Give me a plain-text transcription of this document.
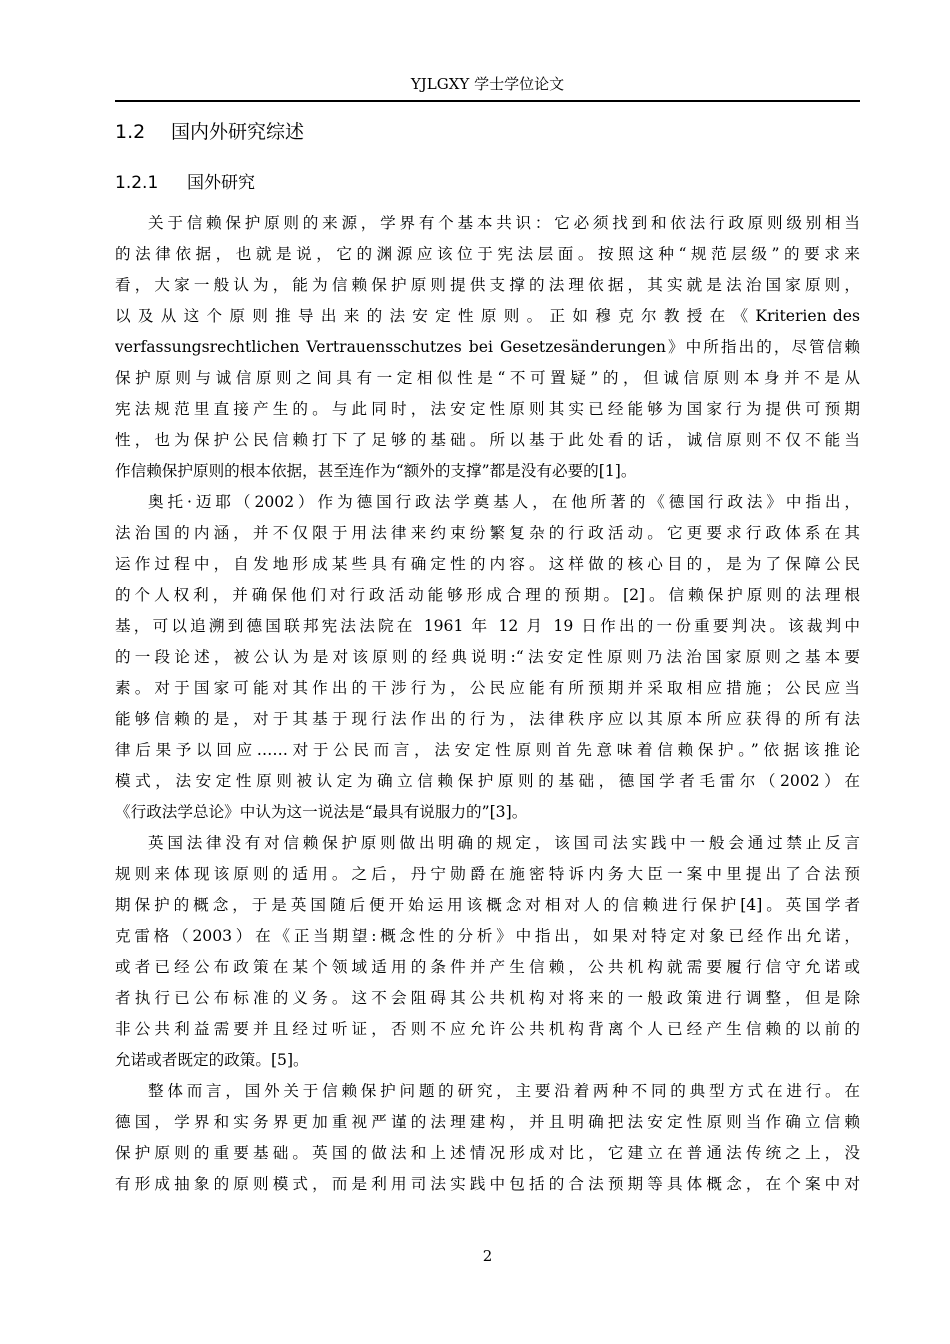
YJLGXY 学士学位论文
1.2 国内外研究综述
1.2.1 国外研究
关于信赖保护原则的来源，学界有个基本共识：它必须找到和依法行政原则级别相当
的法律依据，也就是说，它的渊源应该位于宪法层面。按照这种“规范层级”的要求来
看，大家一般认为，能为信赖保护原则提供支撑的法理依据，其实就是法治国家原则，
以 及 从 这 个 原 则 推 导 出 来 的 法 安 定 性 原 则 。 正 如 穆 克 尔 教 授 在 《 Kriterien des
verfassungsrechtlichen Vertrauensschutzes bei Gesetzesänderungen》中所指出的，尽管信赖
保护原则与诚信原则之间具有一定相似性是“不可置疑”的，但诚信原则本身并不是从
宪法规范里直接产生的。与此同时，法安定性原则其实已经能够为国家行为提供可预期
性，也为保护公民信赖打下了足够的基础。所以基于此处看的话，诚信原则不仅不能当
作信赖保护原则的根本依据，甚至连作为“额外的支撑”都是没有必要的[1]。
奥托·迈耶（2002）作为德国行政法学奠基人，在他所著的《德国行政法》中指出，
法治国的内涵，并不仅限于用法律来约束纷繁复杂的行政活动。它更要求行政体系在其
运作过程中，自发地形成某些具有确定性的内容。这样做的核心目的，是为了保障公民
的个人权利，并确保他们对行政活动能够形成合理的预期。[2]。信赖保护原则的法理根
基，可以追溯到德国联邦宪法法院在 1961 年 12 月 19 日作出的一份重要判决。该裁判中
的一段论述，被公认为是对该原则的经典说明:“法安定性原则乃法治国家原则之基本要
素。对于国家可能对其作出的干涉行为，公民应能有所预期并采取相应措施；公民应当
能够信赖的是，对于其基于现行法作出的行为，法律秩序应以其原本所应获得的所有法
律后果予以回应……对于公民而言，法安定性原则首先意味着信赖保护。”依据该推论
模式，法安定性原则被认定为确立信赖保护原则的基础，德国学者毛雷尔（2002）在
《行政法学总论》中认为这一说法是“最具有说服力的”[3]。
英国法律没有对信赖保护原则做出明确的规定，该国司法实践中一般会通过禁止反言
规则来体现该原则的适用。之后，丹宁勋爵在施密特诉内务大臣一案中里提出了合法预
期保护的概念，于是英国随后便开始运用该概念对相对人的信赖进行保护[4]。英国学者
克雷格（2003）在《正当期望:概念性的分析》中指出，如果对特定对象已经作出允诺，
或者已经公布政策在某个领域适用的条件并产生信赖，公共机构就需要履行信守允诺或
者执行已公布标准的义务。这不会阻碍其公共机构对将来的一般政策进行调整，但是除
非公共利益需要并且经过听证，否则不应允许公共机构背离个人已经产生信赖的以前的
允诺或者既定的政策。[5]。
整体而言，国外关于信赖保护问题的研究，主要沿着两种不同的典型方式在进行。在
德国，学界和实务界更加重视严谨的法理建构，并且明确把法安定性原则当作确立信赖
保护原则的重要基础。英国的做法和上述情况形成对比，它建立在普通法传统之上，没
有形成抽象的原则模式，而是利用司法实践中包括的合法预期等具体概念，在个案中对
2
